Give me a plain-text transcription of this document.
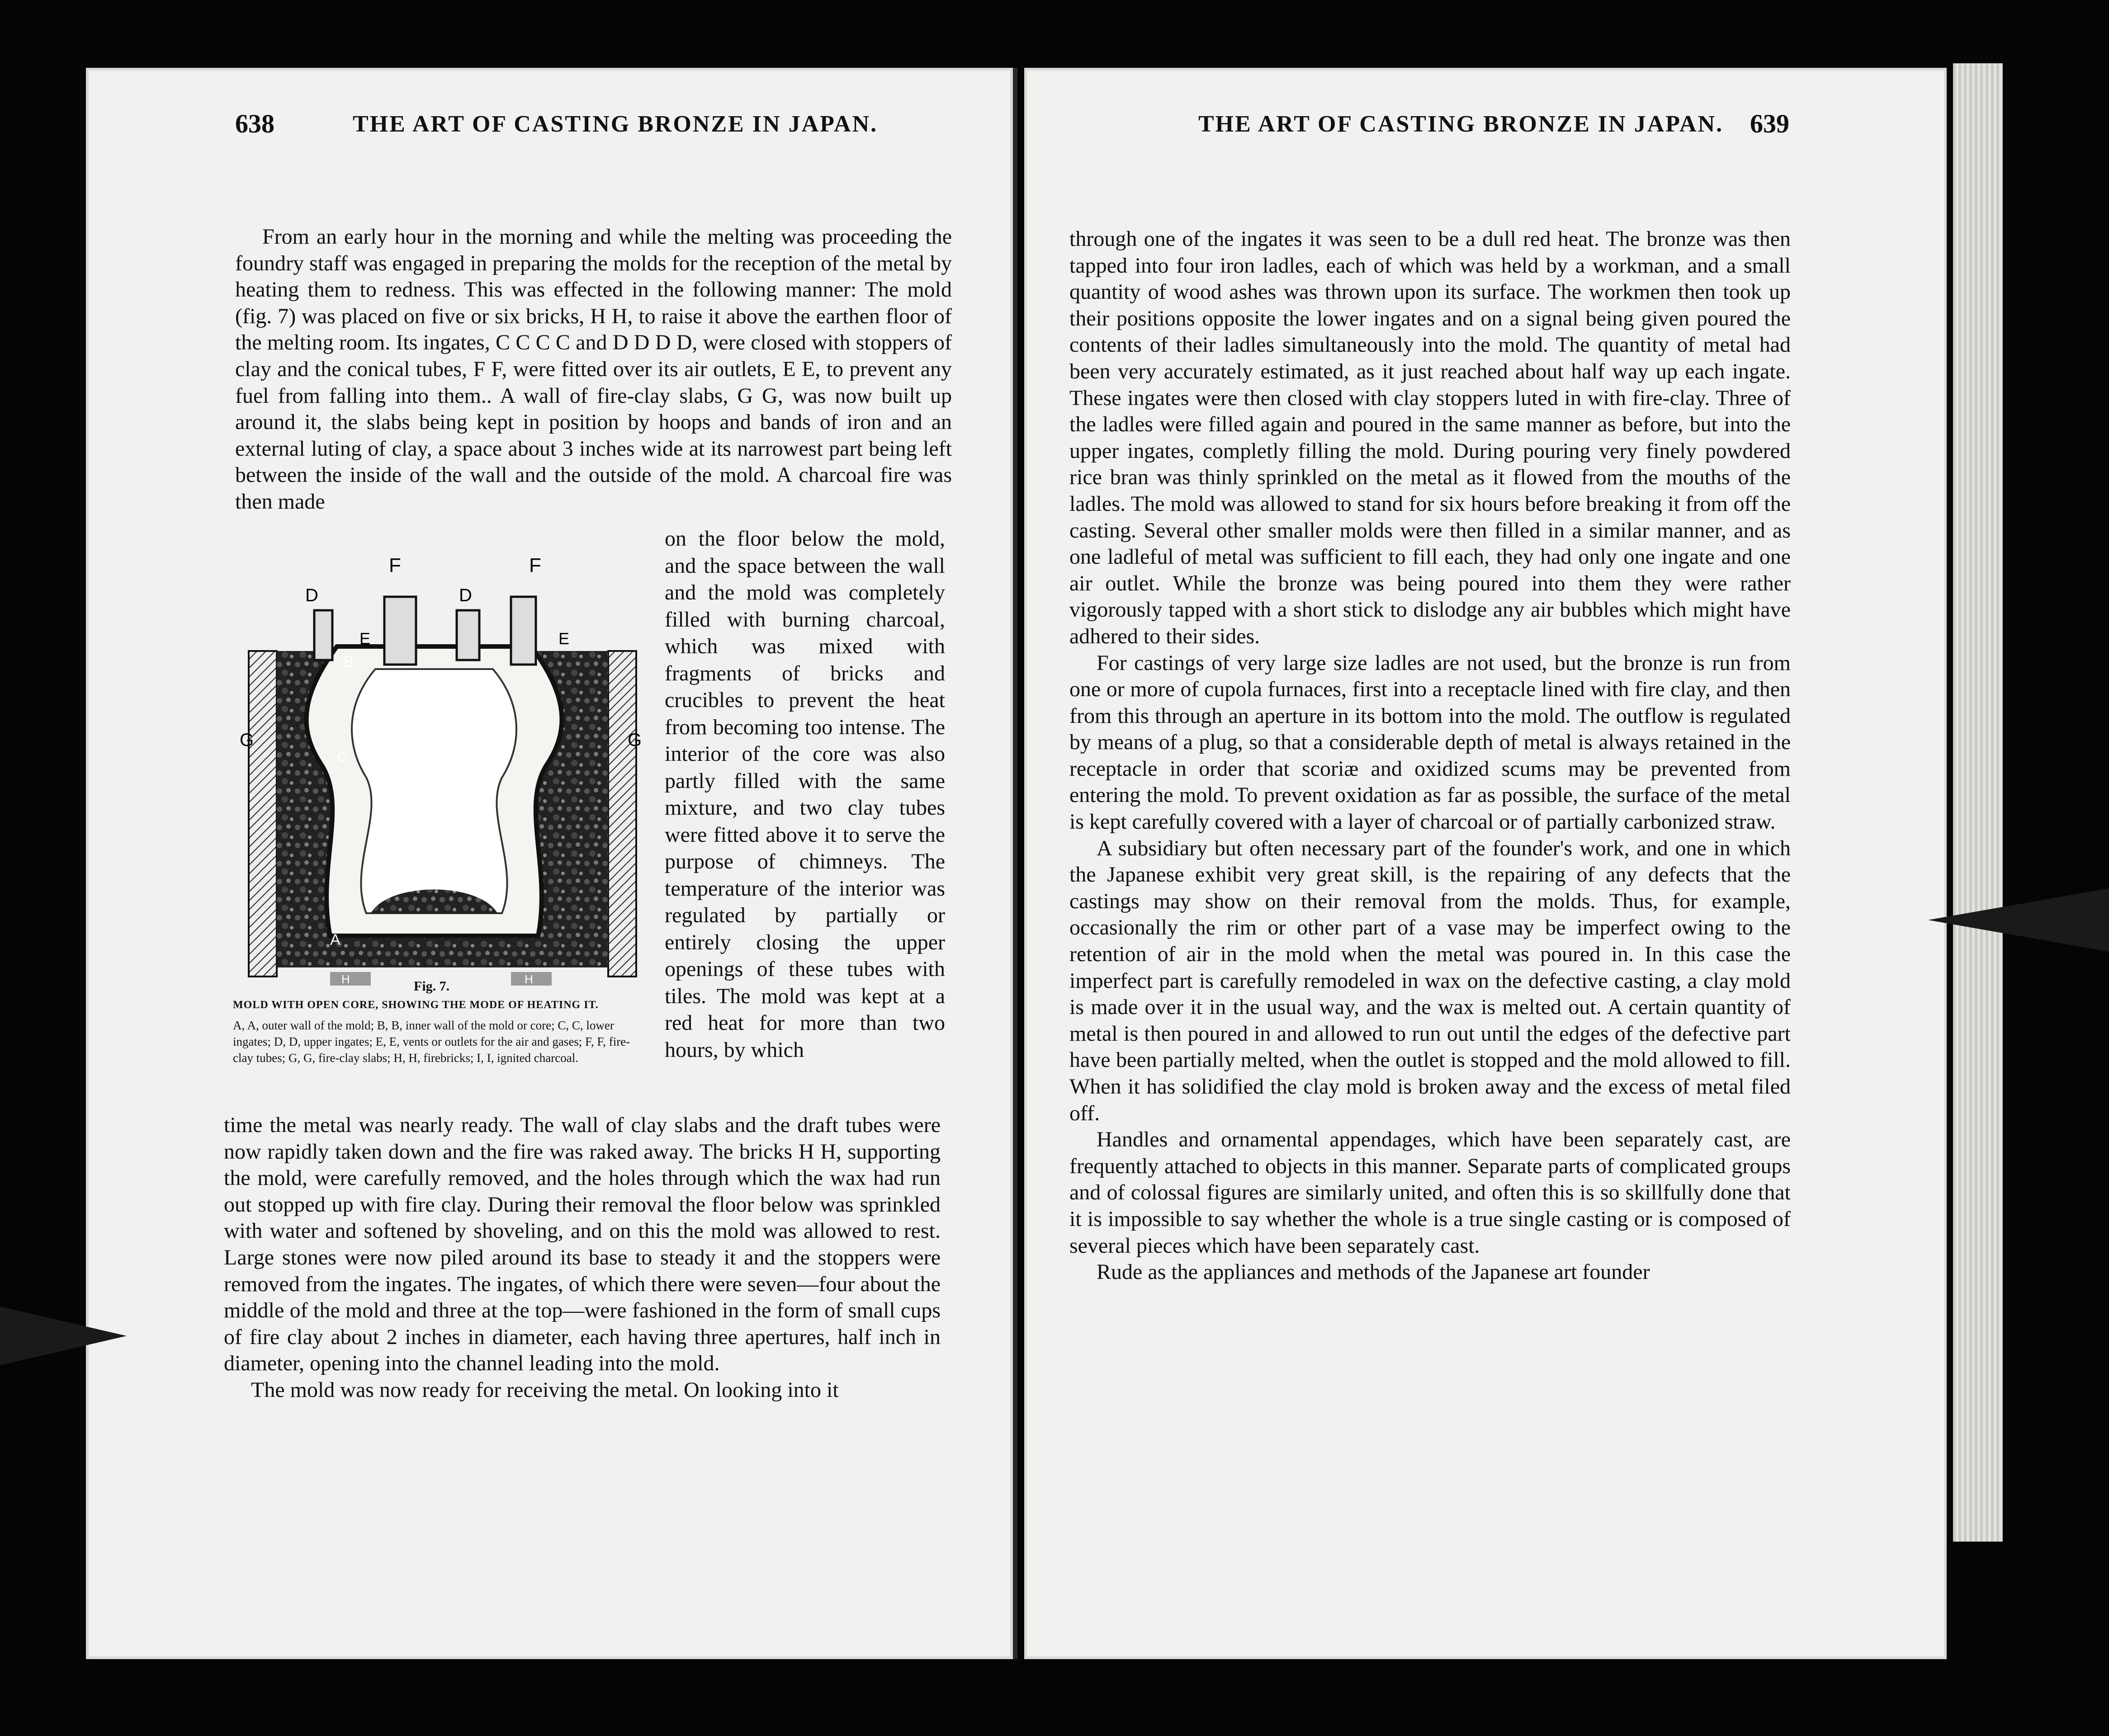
638	THE ART OF CASTING BRONZE IN JAPAN.

From an early hour in the morning and while the melting was proceeding the foundry staff was engaged in preparing the molds for the reception of the metal by heating them to redness. This was effected in the following manner: The mold (fig. 7) was placed on five or six bricks, H H, to raise it above the earthen floor of the melting room. Its ingates, C C C C and D D D D, were closed with stoppers of clay and the conical tubes, F F, were fitted over its air outlets, E E, to prevent any fuel from falling into them.. A wall of fire-clay slabs, G G, was now built up around it, the slabs being kept in position by hoops and bands of iron and an external luting of clay, a space about 3 inches wide at its narrowest part being left between the inside of the wall and the outside of the mold. A charcoal fire was then made

F	F
D	D
E	E
B
G	G
C
A
H	H
Fig. 7.
MOLD WITH OPEN CORE, SHOWING THE MODE OF HEATING IT.
A, A, outer wall of the mold; B, B, inner wall of the mold or core; C, C, lower ingates; D, D, upper ingates; E, E, vents or outlets for the air and gases; F, F, fire-clay tubes; G, G, fire-clay slabs; H, H, firebricks; I, I, ignited charcoal.
on the floor below the mold, and the space between the wall and the mold was completely filled with burning charcoal, which was mixed with fragments of bricks and crucibles to prevent the heat from becoming too intense. The interior of the core was also partly filled with the same mixture, and two clay tubes were fitted above it to serve the purpose of chimneys. The temperature of the interior was regulated by partially or entirely closing the upper openings of these tubes with tiles. The mold was kept at a red heat for more than two hours, by which

time the metal was nearly ready. The wall of clay slabs and the draft tubes were now rapidly taken down and the fire was raked away. The bricks H H, supporting the mold, were carefully removed, and the holes through which the wax had run out stopped up with fire clay. During their removal the floor below was sprinkled with water and softened by shoveling, and on this the mold was allowed to rest. Large stones were now piled around its base to steady it and the stoppers were removed from the ingates. The ingates, of which there were seven—four about the middle of the mold and three at the top—were fashioned in the form of small cups of fire clay about 2 inches in diameter, each having three apertures, half inch in diameter, opening into the channel leading into the mold.

The mold was now ready for receiving the metal. On looking into it

THE ART OF CASTING BRONZE IN JAPAN. 639

through one of the ingates it was seen to be a dull red heat. The bronze was then tapped into four iron ladles, each of which was held by a workman, and a small quantity of wood ashes was thrown upon its surface. The workmen then took up their positions opposite the lower ingates and on a signal being given poured the contents of their ladles simultaneously into the mold. The quantity of metal had been very accurately estimated, as it just reached about half way up each ingate. These ingates were then closed with clay stoppers luted in with fire-clay. Three of the ladles were filled again and poured in the same manner as before, but into the upper ingates, completly filling the mold. During pouring very finely powdered rice bran was thinly sprinkled on the metal as it flowed from the mouths of the ladles. The mold was allowed to stand for six hours before breaking it from off the casting. Several other smaller molds were then filled in a similar manner, and as one ladleful of metal was sufficient to fill each, they had only one ingate and one air outlet. While the bronze was being poured into them they were rather vigorously tapped with a short stick to dislodge any air bubbles which might have adhered to their sides.

For castings of very large size ladles are not used, but the bronze is run from one or more of cupola furnaces, first into a receptacle lined with fire clay, and then from this through an aperture in its bottom into the mold. The outflow is regulated by means of a plug, so that a considerable depth of metal is always retained in the receptacle in order that scoriæ and oxidized scums may be prevented from entering the mold. To prevent oxidation as far as possible, the surface of the metal is kept carefully covered with a layer of charcoal or of partially carbonized straw.

A subsidiary but often necessary part of the founder's work, and one in which the Japanese exhibit very great skill, is the repairing of any defects that the castings may show on their removal from the molds. Thus, for example, occasionally the rim or other part of a vase may be imperfect owing to the retention of air in the mold when the metal was poured in. In this case the imperfect part is carefully remodeled in wax on the defective casting, a clay mold is made over it in the usual way, and the wax is melted out. A certain quantity of metal is then poured in and allowed to run out until the edges of the defective part have been partially melted, when the outlet is stopped and the mold allowed to fill. When it has solidified the clay mold is broken away and the excess of metal filed off.

Handles and ornamental appendages, which have been separately cast, are frequently attached to objects in this manner. Separate parts of complicated groups and of colossal figures are similarly united, and often this is so skillfully done that it is impossible to say whether the whole is a true single casting or is composed of several pieces which have been separately cast.

Rude as the appliances and methods of the Japanese art founder
